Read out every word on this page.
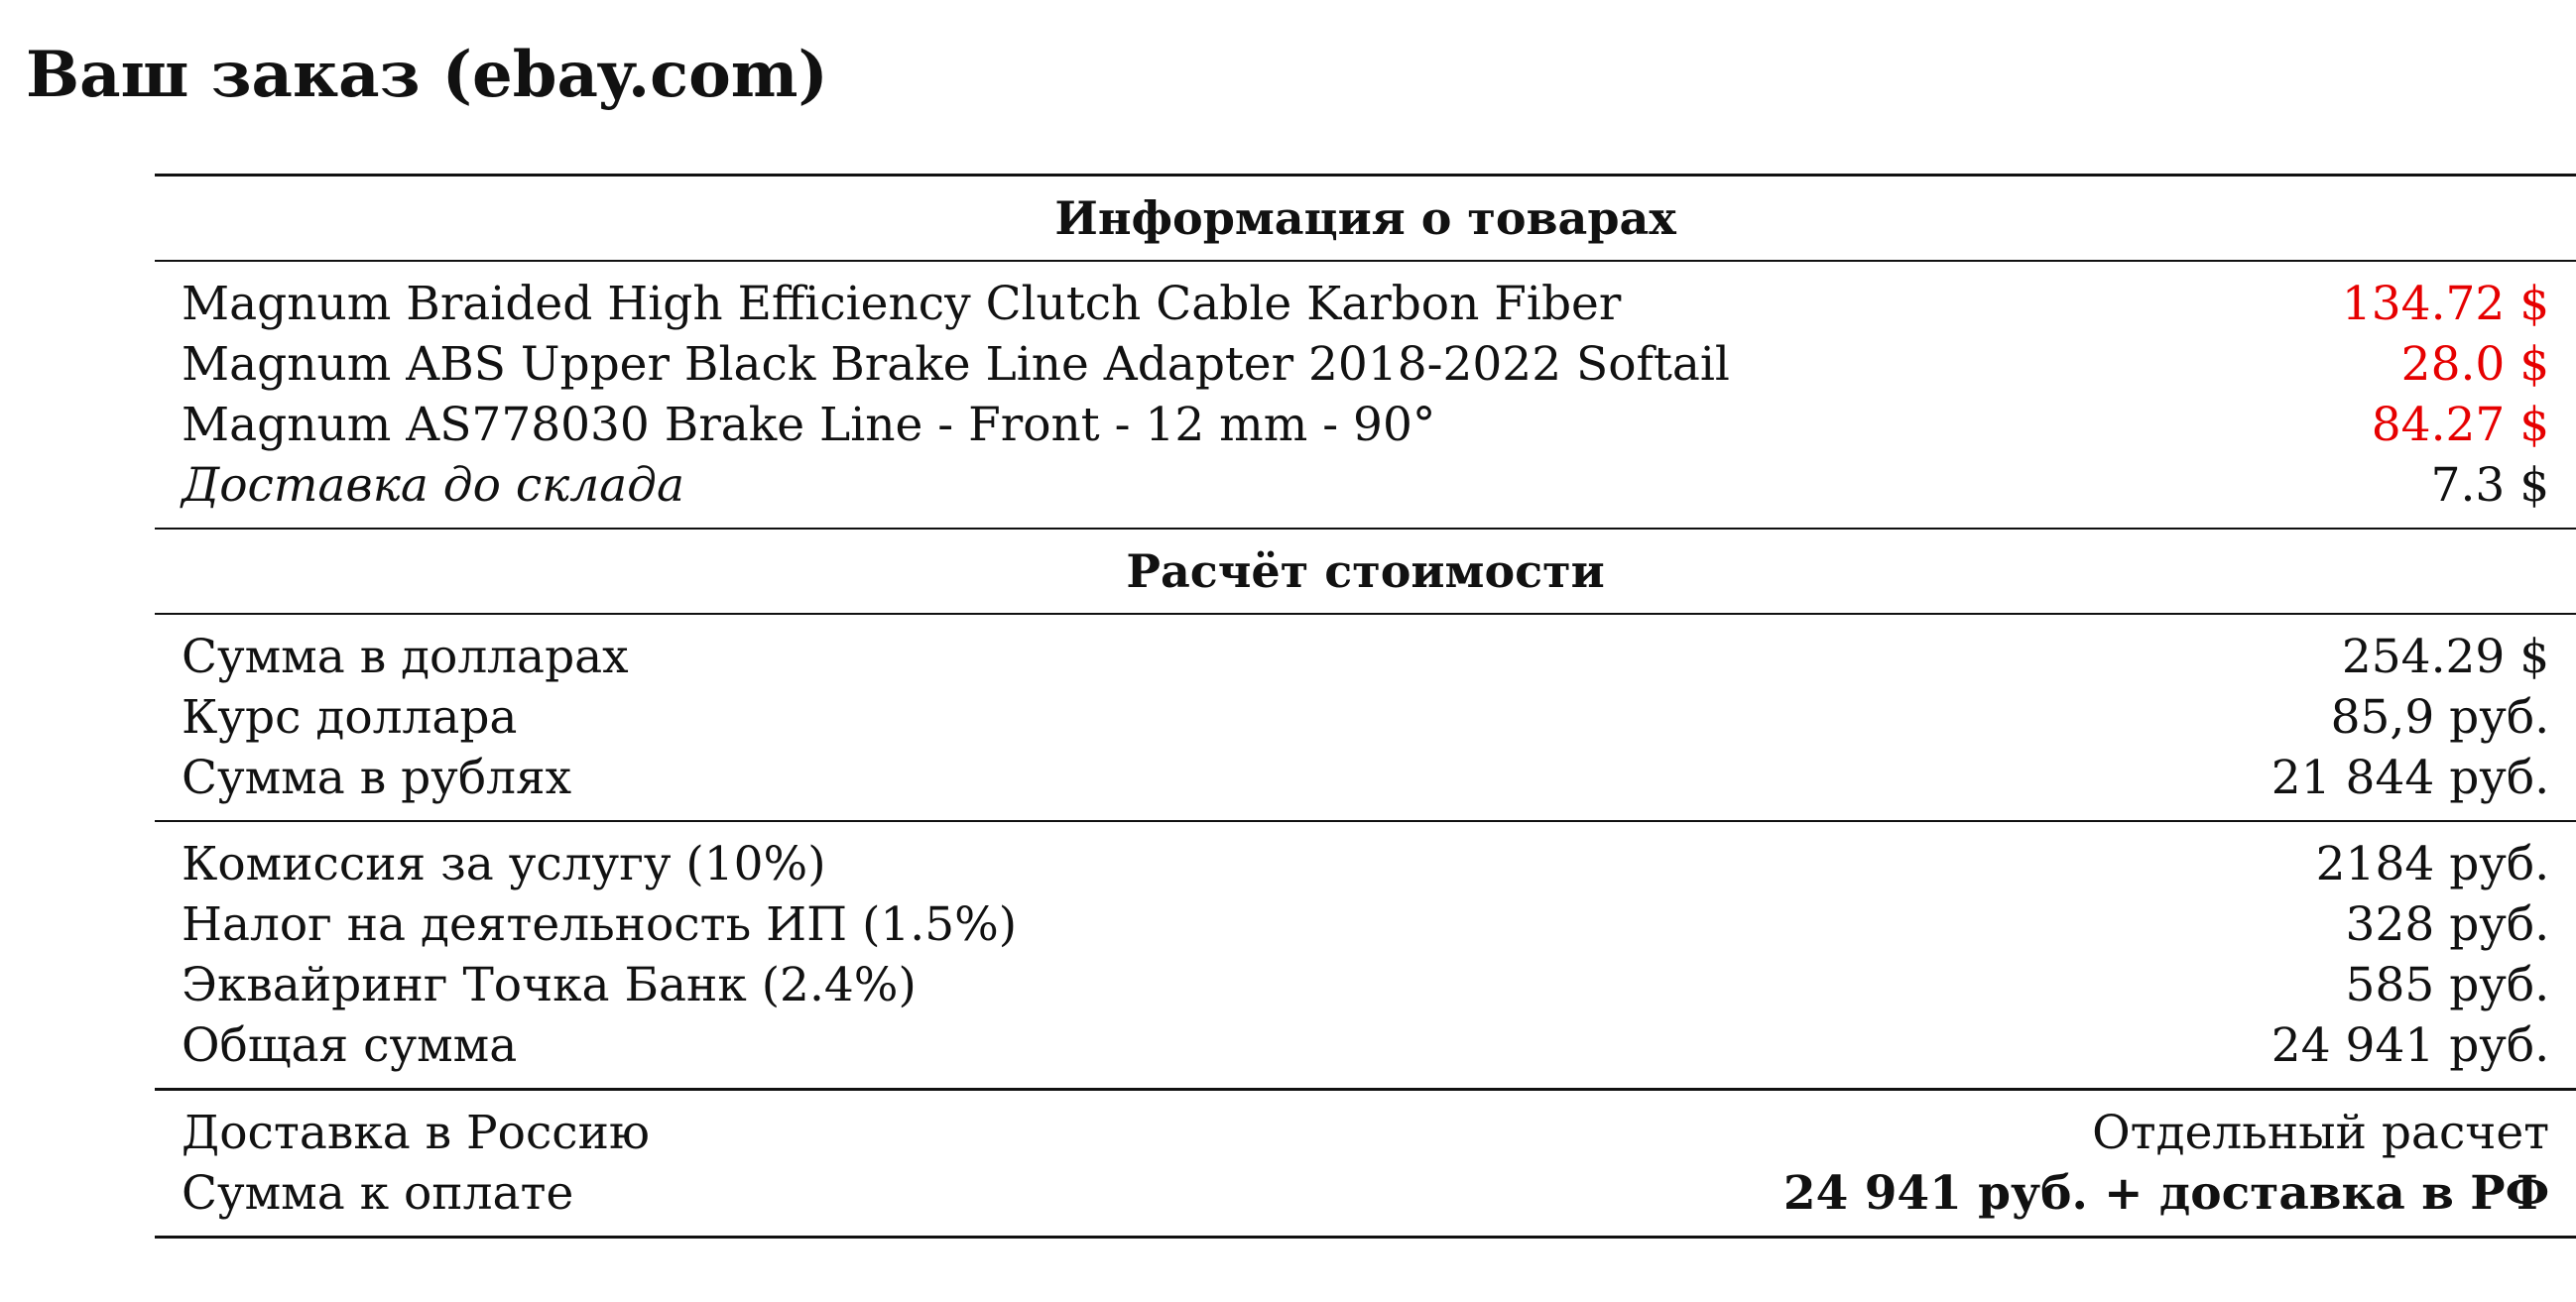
Ваш заказ (ebay.com)
Информация о товарах	
Magnum Braided High Efficiency Clutch Cable Karbon Fiber	134.72 $
Magnum ABS Upper Black Brake Line Adapter 2018-2022 Softail	28.0 $
Magnum AS778030 Brake Line - Front - 12 mm - 90°	84.27 $
Доставка до склада	7.3 $
Расчёт стоимости	
Сумма в долларах	254.29 $
Курс доллара	85,9 руб.
Сумма в рублях	21 844 руб.
Комиссия за услугу (10%)	2184 руб.
Налог на деятельность ИП (1.5%)	328 руб.
Эквайринг Точка Банк (2.4%)	585 руб.
Общая сумма	24 941 руб.
Доставка в Россию	Отдельный расчет
Сумма к оплате	24 941 руб. + доставка в РФ
